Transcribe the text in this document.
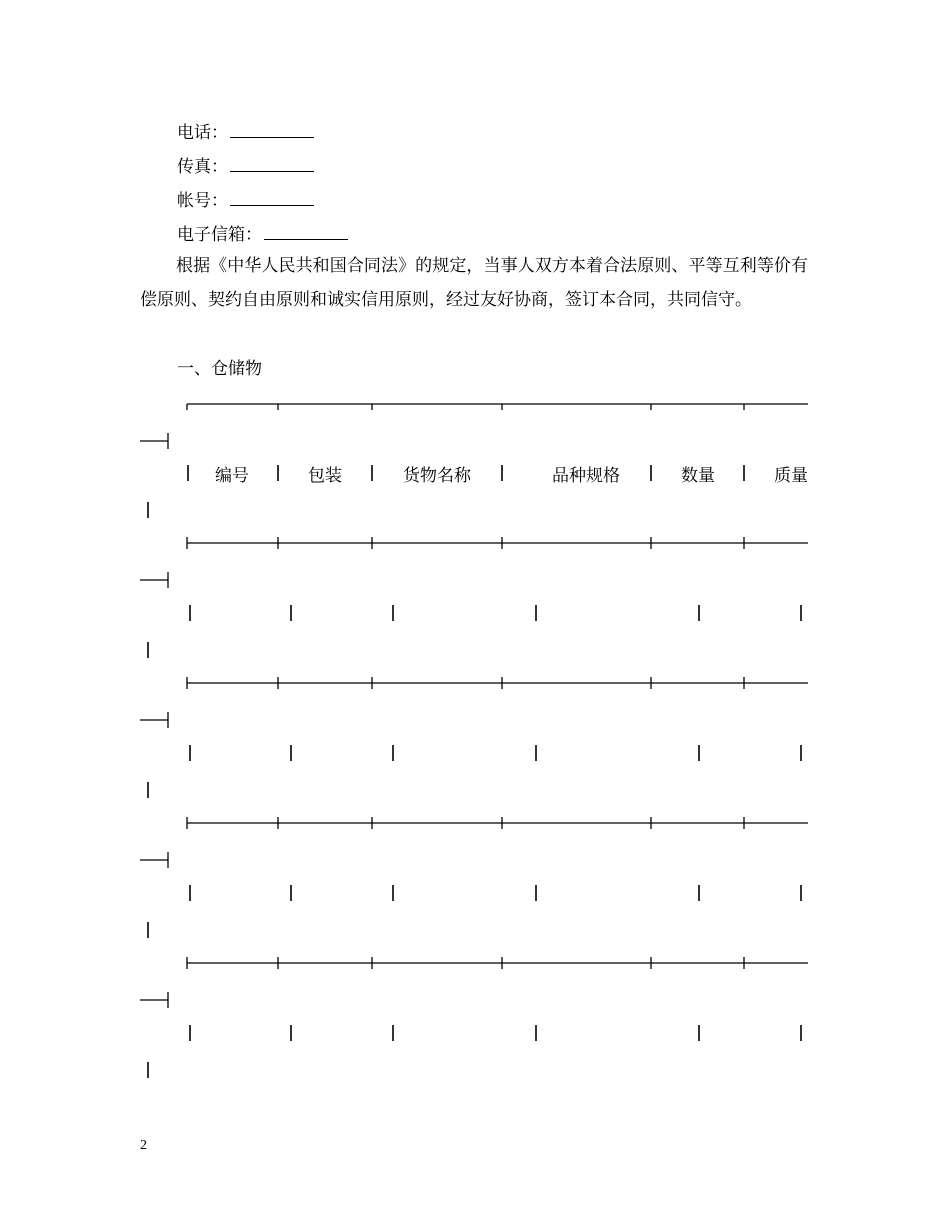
电话：
传真：
帐号：
电子信箱：
根据《中华人民共和国合同法》的规定，当事人双方本着合法原则、平等互利等价有偿原则、契约自由原则和诚实信用原则，经过友好协商，签订本合同，共同信守。
一、仓储物
编号	包装	货物名称	品种规格	数量	质量
2
